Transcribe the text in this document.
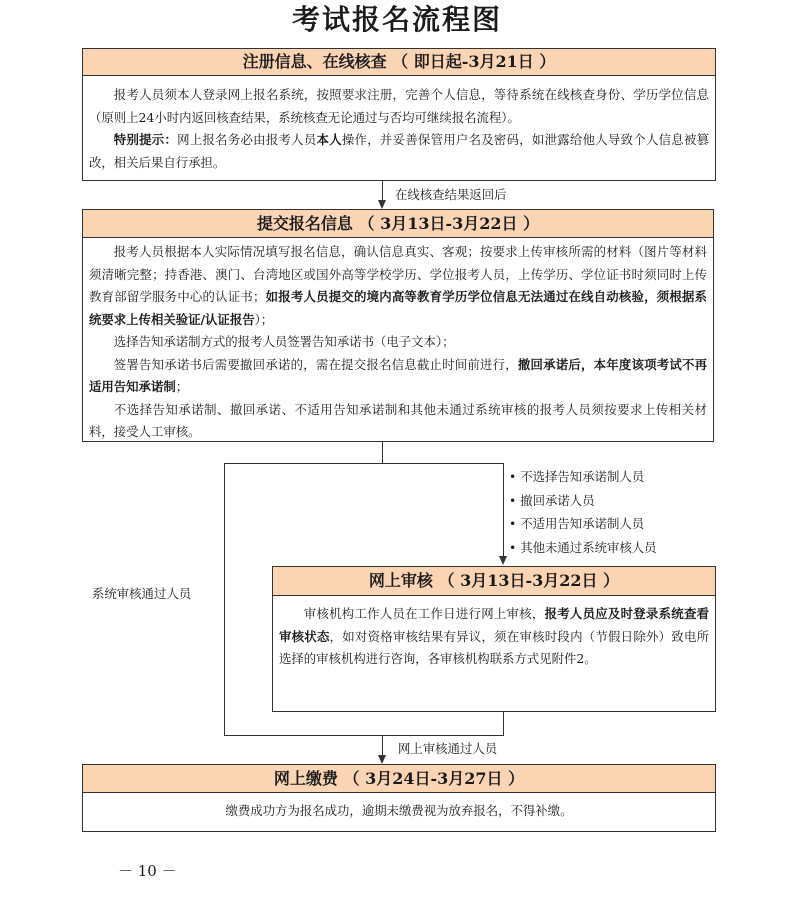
考试报名流程图
注册信息、在线核查 （ 即日起-3月21日 ）

报考人员须本人登录网上报名系统，按照要求注册，完善个人信息，等待系统在线核查身份、学历学位信息（原则上24小时内返回核查结果，系统核查无论通过与否均可继续报名流程）。

特别提示：网上报名务必由报考人员本人操作，并妥善保管用户名及密码，如泄露给他人导致个人信息被篡改，相关后果自行承担。

在线核查结果返回后
提交报名信息 （ 3月13日-3月22日 ）

报考人员根据本人实际情况填写报名信息，确认信息真实、客观；按要求上传审核所需的材料（图片等材料须清晰完整；持香港、澳门、台湾地区或国外高等学校学历、学位报考人员，上传学历、学位证书时须同时上传教育部留学服务中心的认证书；如报考人员提交的境内高等教育学历学位信息无法通过在线自动核验，须根据系统要求上传相关验证/认证报告）；

选择告知承诺制方式的报考人员签署告知承诺书（电子文本）；

签署告知承诺书后需要撤回承诺的，需在提交报名信息截止时间前进行，撤回承诺后，本年度该项考试不再适用告知承诺制；

不选择告知承诺制、撤回承诺、不适用告知承诺制和其他未通过系统审核的报考人员须按要求上传相关材料，接受人工审核。

• 不选择告知承诺制人员
• 撤回承诺人员
• 不适用告知承诺制人员
• 其他未通过系统审核人员
系统审核通过人员
网上审核 （ 3月13日-3月22日 ）

审核机构工作人员在工作日进行网上审核，报考人员应及时登录系统查看审核状态，如对资格审核结果有异议，须在审核时段内（节假日除外）致电所选择的审核机构进行咨询，各审核机构联系方式见附件2。

网上审核通过人员
网上缴费 （ 3月24日-3月27日 ）
缴费成功方为报名成功，逾期未缴费视为放弃报名，不得补缴。
－ 10 －
